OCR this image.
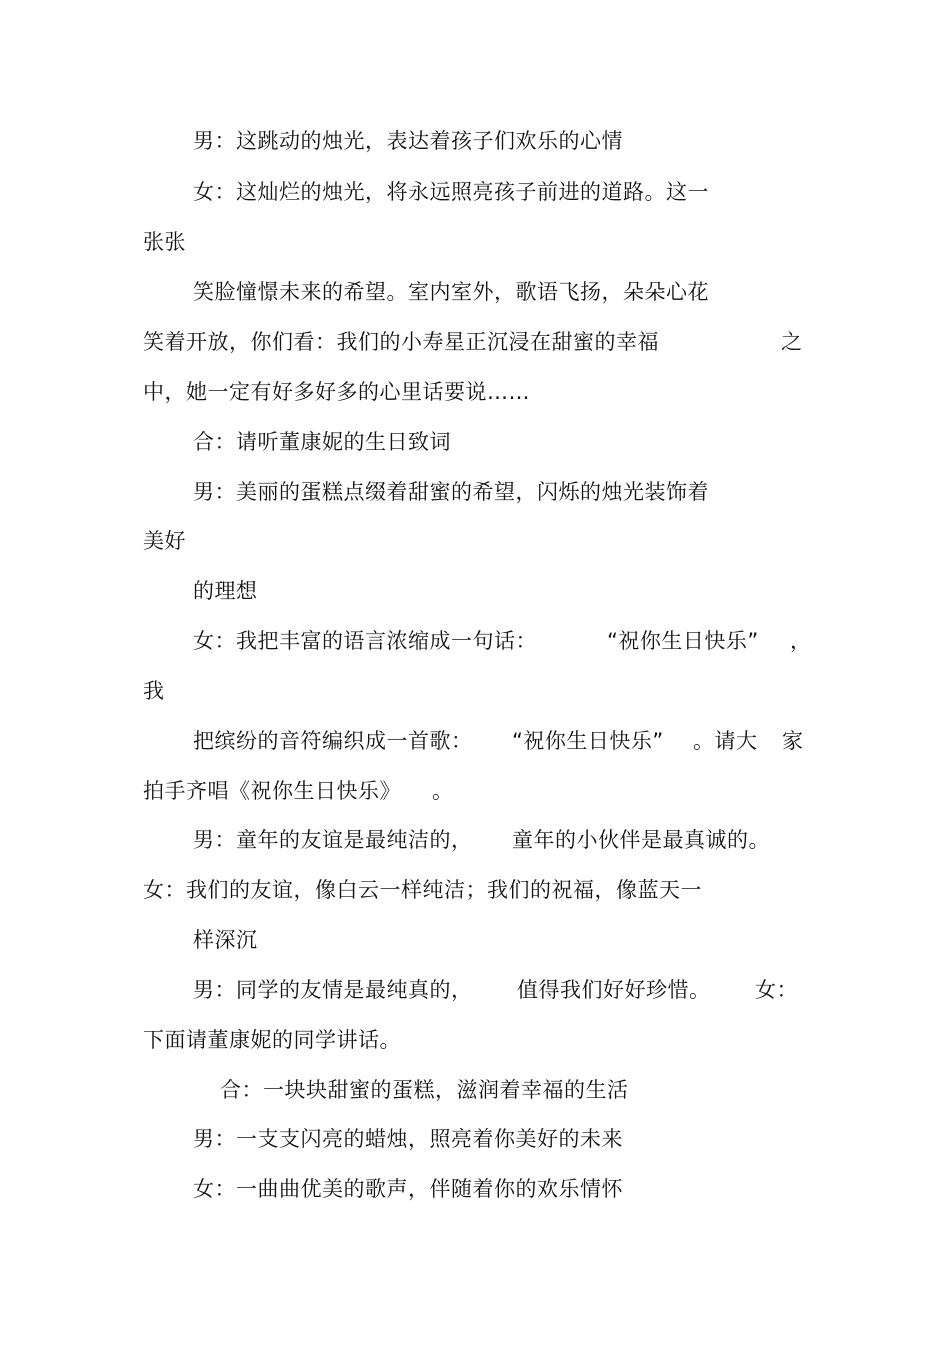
男：这跳动的烛光，表达着孩子们欢乐的心情
女：这灿烂的烛光，将永远照亮孩子前进的道路。这一
张张
笑脸憧憬未来的希望。室内室外，歌语飞扬，朵朵心花
笑着开放，你们看：我们的小寿星正沉浸在甜蜜的幸福	之
中，她一定有好多好多的心里话要说……
合：请听董康妮的生日致词
男：美丽的蛋糕点缀着甜蜜的希望，闪烁的烛光装饰着
美好
的理想
女：我把丰富的语言浓缩成一句话：	“祝你生日快乐” ，
我
把缤纷的音符编织成一首歌： “祝你生日快乐” 。请大 家
拍手齐唱《祝你生日快乐》 。
男：童年的友谊是最纯洁的， 童年的小伙伴是最真诚的。
女：我们的友谊，像白云一样纯洁；我们的祝福，像蓝天一
样深沉
男：同学的友情是最纯真的， 值得我们好好珍惜。 女：
下面请董康妮的同学讲话。
合：一块块甜蜜的蛋糕，滋润着幸福的生活
男：一支支闪亮的蜡烛，照亮着你美好的未来
女：一曲曲优美的歌声，伴随着你的欢乐情怀
